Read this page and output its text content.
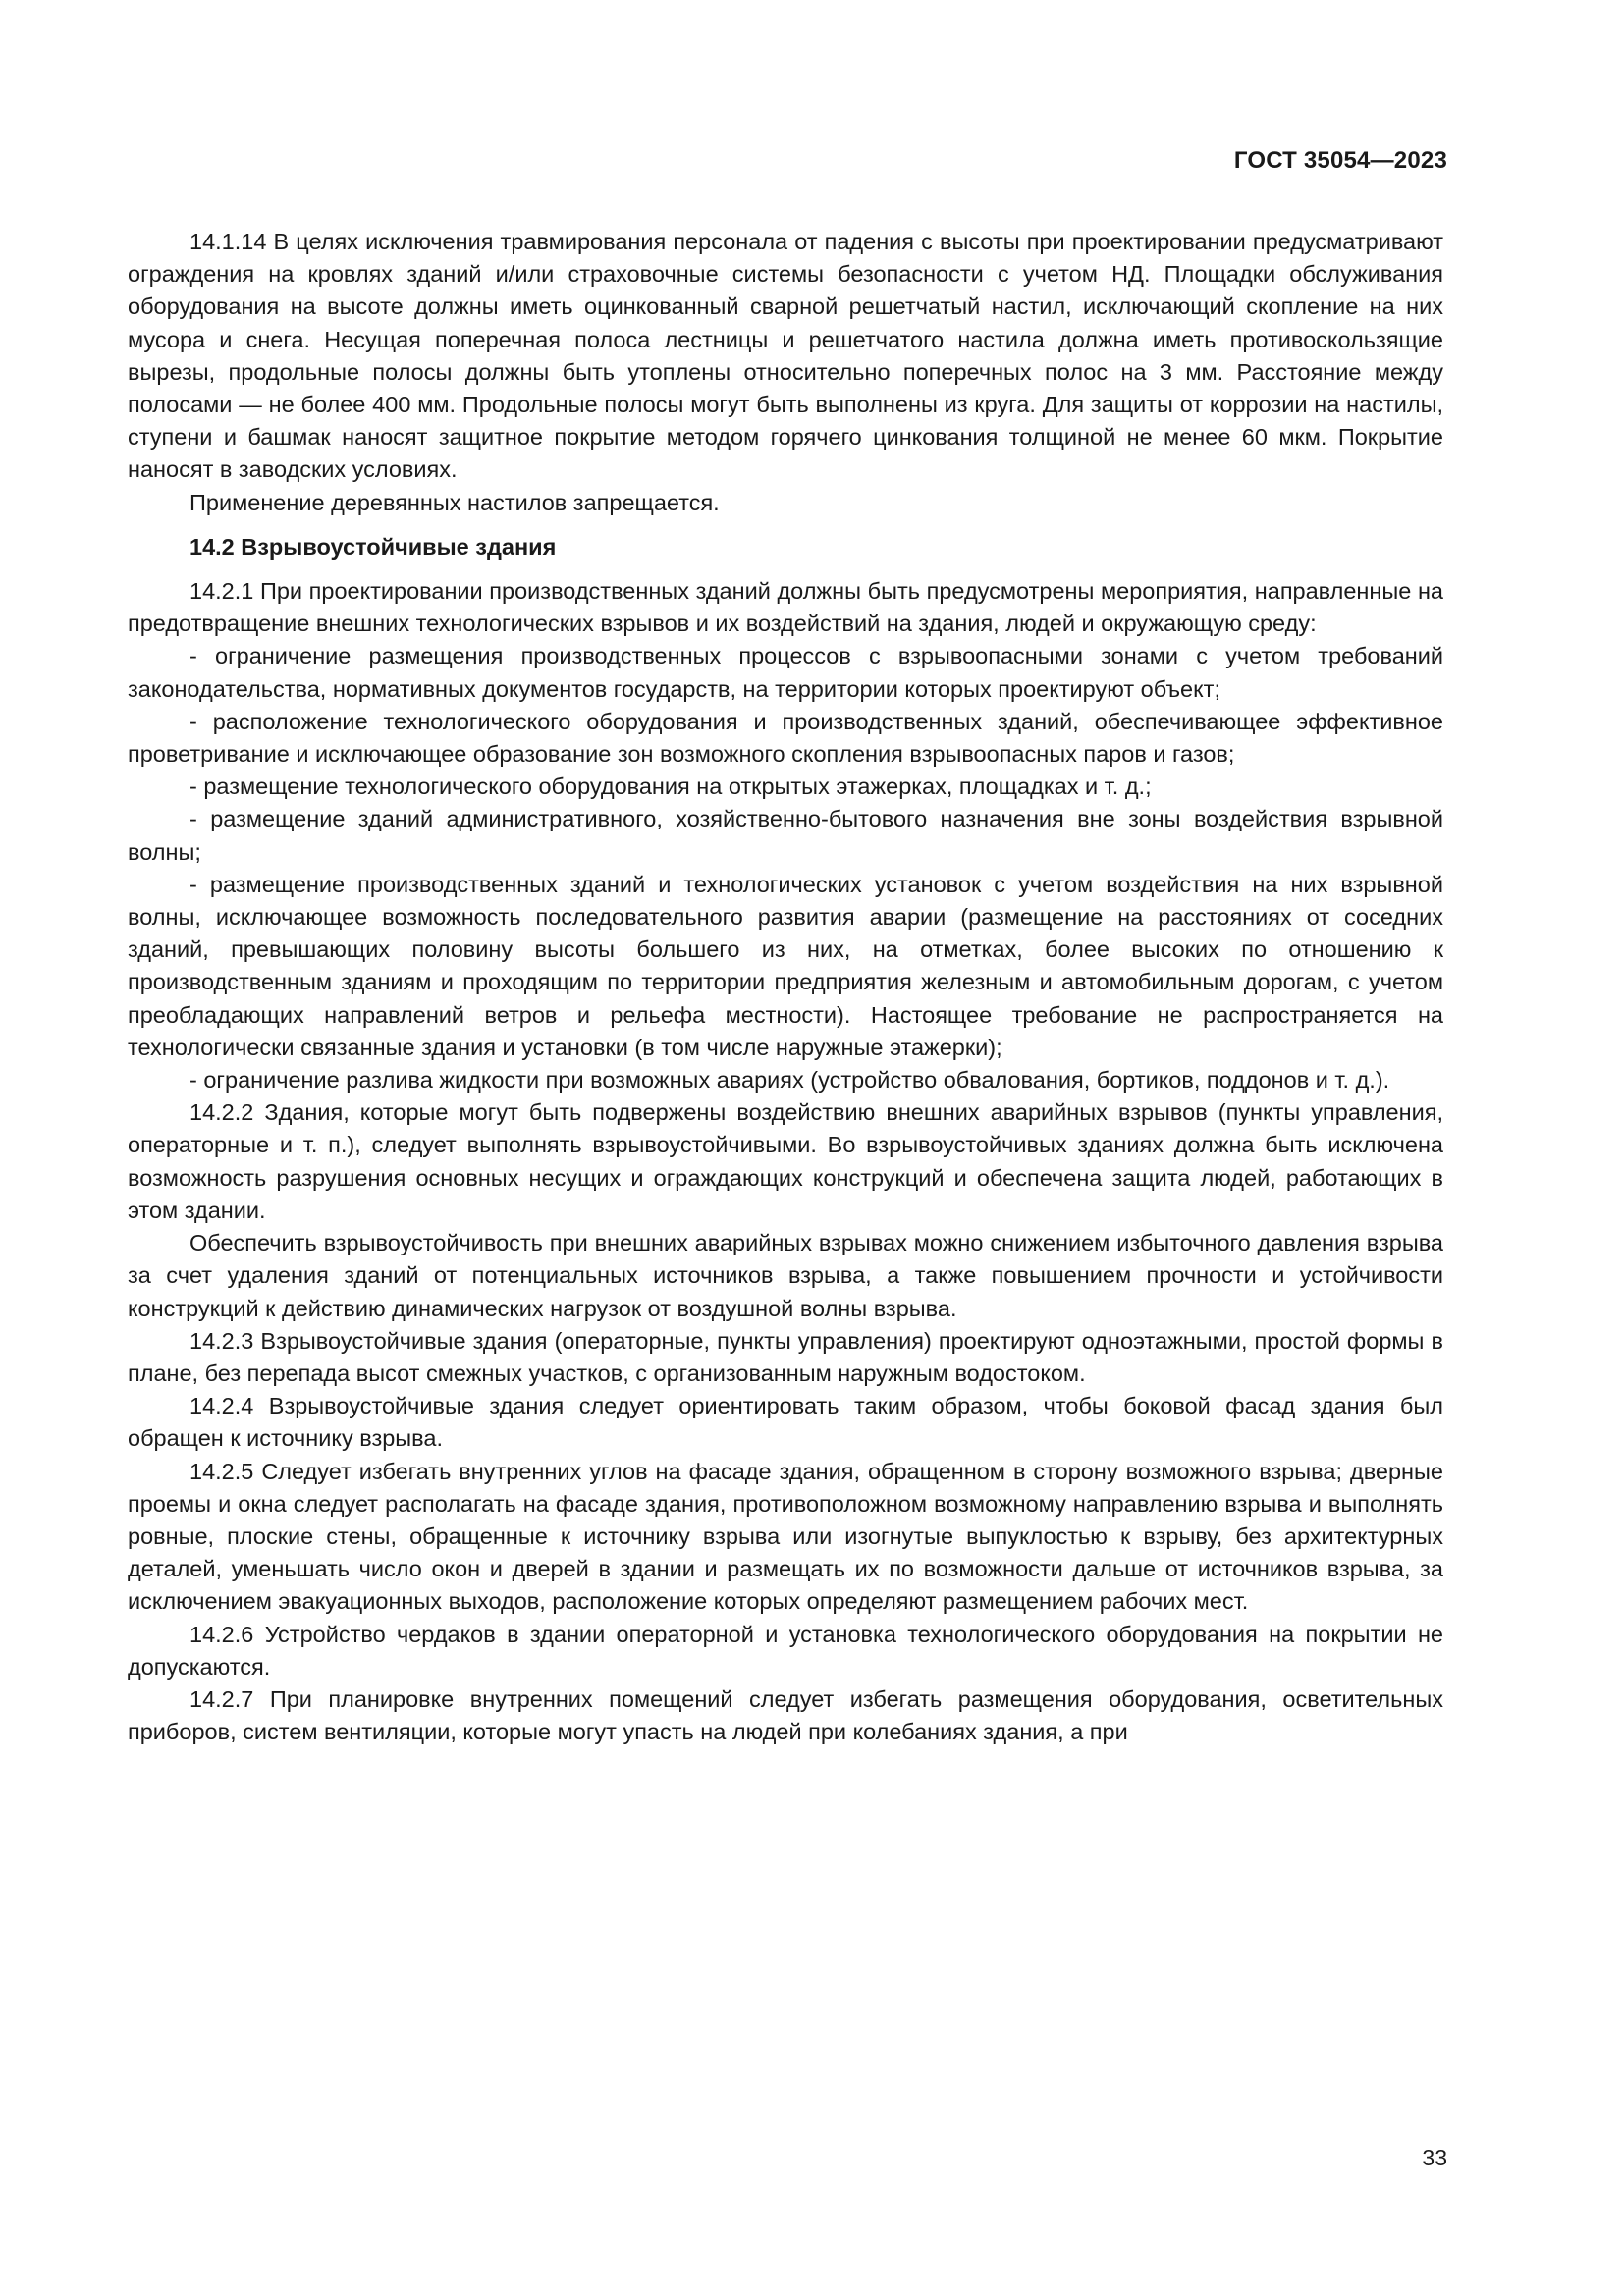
ГОСТ 35054—2023

14.1.14 В целях исключения травмирования персонала от падения с высоты при проектировании предусматривают ограждения на кровлях зданий и/или страховочные системы безопасности с учетом НД. Площадки обслуживания оборудования на высоте должны иметь оцинкованный сварной решетчатый настил, исключающий скопление на них мусора и снега. Несущая поперечная полоса лестницы и решетчатого настила должна иметь противоскользящие вырезы, продольные полосы должны быть утоплены относительно поперечных полос на 3 мм. Расстояние между полосами — не более 400 мм. Продольные полосы могут быть выполнены из круга. Для защиты от коррозии на настилы, ступени и башмак наносят защитное покрытие методом горячего цинкования толщиной не менее 60 мкм. Покрытие наносят в заводских условиях.

Применение деревянных настилов запрещается.

14.2 Взрывоустойчивые здания

14.2.1 При проектировании производственных зданий должны быть предусмотрены мероприятия, направленные на предотвращение внешних технологических взрывов и их воздействий на здания, людей и окружающую среду:

- ограничение размещения производственных процессов с взрывоопасными зонами с учетом требований законодательства, нормативных документов государств, на территории которых проектируют объект;

- расположение технологического оборудования и производственных зданий, обеспечивающее эффективное проветривание и исключающее образование зон возможного скопления взрывоопасных паров и газов;

- размещение технологического оборудования на открытых этажерках, площадках и т. д.;

- размещение зданий административного, хозяйственно-бытового назначения вне зоны воздействия взрывной волны;

- размещение производственных зданий и технологических установок с учетом воздействия на них взрывной волны, исключающее возможность последовательного развития аварии (размещение на расстояниях от соседних зданий, превышающих половину высоты большего из них, на отметках, более высоких по отношению к производственным зданиям и проходящим по территории предприятия железным и автомобильным дорогам, с учетом преобладающих направлений ветров и рельефа местности). Настоящее требование не распространяется на технологически связанные здания и установки (в том числе наружные этажерки);

- ограничение разлива жидкости при возможных авариях (устройство обвалования, бортиков, поддонов и т. д.).

14.2.2 Здания, которые могут быть подвержены воздействию внешних аварийных взрывов (пункты управления, операторные и т. п.), следует выполнять взрывоустойчивыми. Во взрывоустойчивых зданиях должна быть исключена возможность разрушения основных несущих и ограждающих конструкций и обеспечена защита людей, работающих в этом здании.

Обеспечить взрывоустойчивость при внешних аварийных взрывах можно снижением избыточного давления взрыва за счет удаления зданий от потенциальных источников взрыва, а также повышением прочности и устойчивости конструкций к действию динамических нагрузок от воздушной волны взрыва.

14.2.3 Взрывоустойчивые здания (операторные, пункты управления) проектируют одноэтажными, простой формы в плане, без перепада высот смежных участков, с организованным наружным водостоком.

14.2.4 Взрывоустойчивые здания следует ориентировать таким образом, чтобы боковой фасад здания был обращен к источнику взрыва.

14.2.5 Следует избегать внутренних углов на фасаде здания, обращенном в сторону возможного взрыва; дверные проемы и окна следует располагать на фасаде здания, противоположном возможному направлению взрыва и выполнять ровные, плоские стены, обращенные к источнику взрыва или изогнутые выпуклостью к взрыву, без архитектурных деталей, уменьшать число окон и дверей в здании и размещать их по возможности дальше от источников взрыва, за исключением эвакуационных выходов, расположение которых определяют размещением рабочих мест.

14.2.6 Устройство чердаков в здании операторной и установка технологического оборудования на покрытии не допускаются.

14.2.7 При планировке внутренних помещений следует избегать размещения оборудования, осветительных приборов, систем вентиляции, которые могут упасть на людей при колебаниях здания, а при

33
